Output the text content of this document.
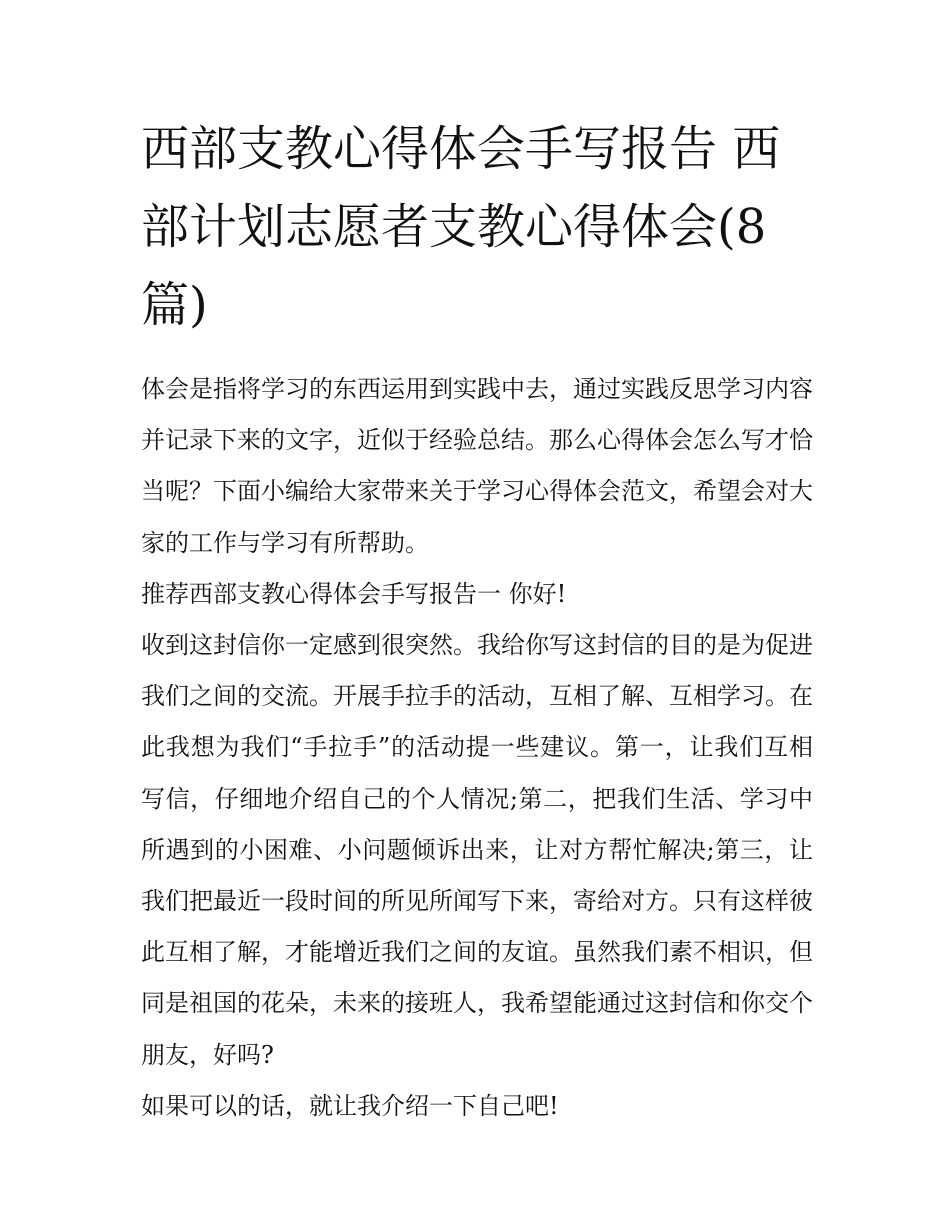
西部支教心得体会手写报告 西部计划志愿者支教心得体会(8篇)

体会是指将学习的东西运用到实践中去，通过实践反思学习内容并记录下来的文字，近似于经验总结。那么心得体会怎么写才恰当呢？下面小编给大家带来关于学习心得体会范文，希望会对大家的工作与学习有所帮助。

推荐西部支教心得体会手写报告一 你好!

收到这封信你一定感到很突然。我给你写这封信的目的是为促进我们之间的交流。开展手拉手的活动，互相了解、互相学习。在此我想为我们“手拉手”的活动提一些建议。第一，让我们互相写信，仔细地介绍自己的个人情况;第二，把我们生活、学习中所遇到的小困难、小问题倾诉出来，让对方帮忙解决;第三，让我们把最近一段时间的所见所闻写下来，寄给对方。只有这样彼此互相了解，才能增近我们之间的友谊。虽然我们素不相识，但同是祖国的花朵，未来的接班人，我希望能通过这封信和你交个朋友，好吗?

如果可以的话，就让我介绍一下自己吧!
